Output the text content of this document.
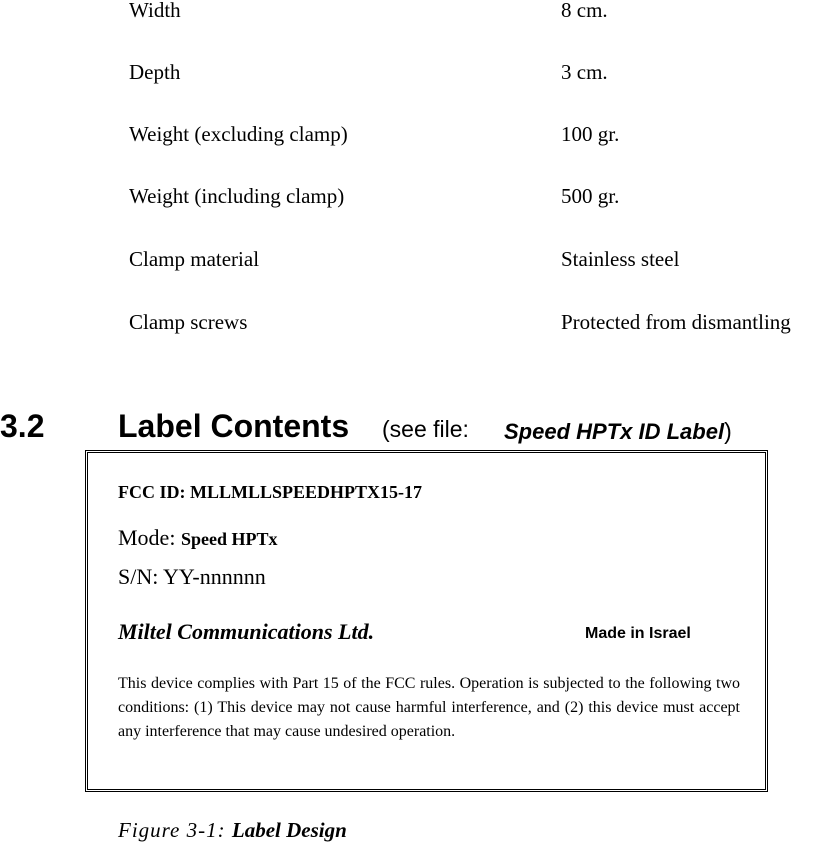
Width	8 cm.
Depth	3 cm.
Weight (excluding clamp)	100 gr.
Weight (including clamp)	500 gr.
Clamp material	Stainless steel
Clamp screws	Protected from dismantling
3.2 Label Contents (see file: Speed HPTx ID Label)
FCC ID: MLLMLLSPEEDHPTX15-17
Mode: Speed HPTx
S/N: YY-nnnnnn
Miltel Communications Ltd.	Made in Israel
This device complies with Part 15 of the FCC rules. Operation is subjected to the following two conditions: (1) This device may not cause harmful interference, and (2) this device must accept any interference that may cause undesired operation.
Figure 3-1: Label Design
